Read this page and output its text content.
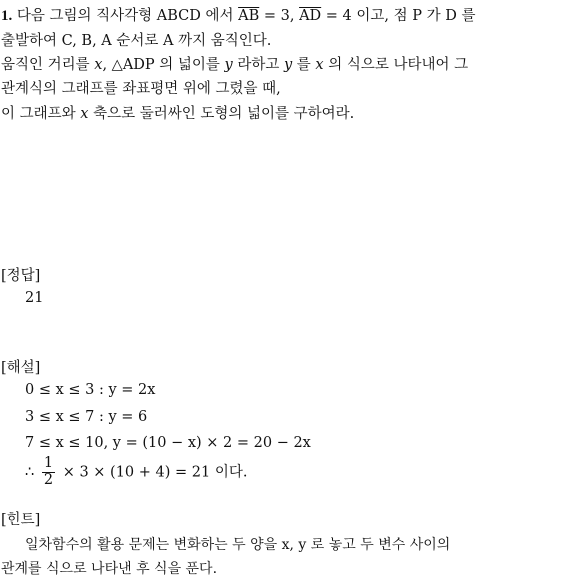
1. 다음 그림의 직사각형 ABCD 에서 $\overline{AB} = 3$, $\overline{AD} = 4$ 이고, 점 P 가 D 를
출발하여 C, B, A 순서로 A 까지 움직인다.
움직인 거리를 x, △ADP 의 넓이를 y 라하고 y 를 x 의 식으로 나타내어 그
관계식의 그래프를 좌표평면 위에 그렸을 때,
이 그래프와 x 축으로 둘러싸인 도형의 넓이를 구하여라.
[정답]
21
[해설]
0 ≤ x ≤ 3 : y = 2x
3 ≤ x ≤ 7 : y = 6
7 ≤ x ≤ 10, y = (10 − x) × 2 = 20 − 2x
∴ $\frac{1}{2} \times 3 \times (10 + 4) = 21$ 이다.
[힌트]
일차함수의 활용 문제는 변화하는 두 양을 x, y 로 놓고 두 변수 사이의
관계를 식으로 나타낸 후 식을 푼다.
